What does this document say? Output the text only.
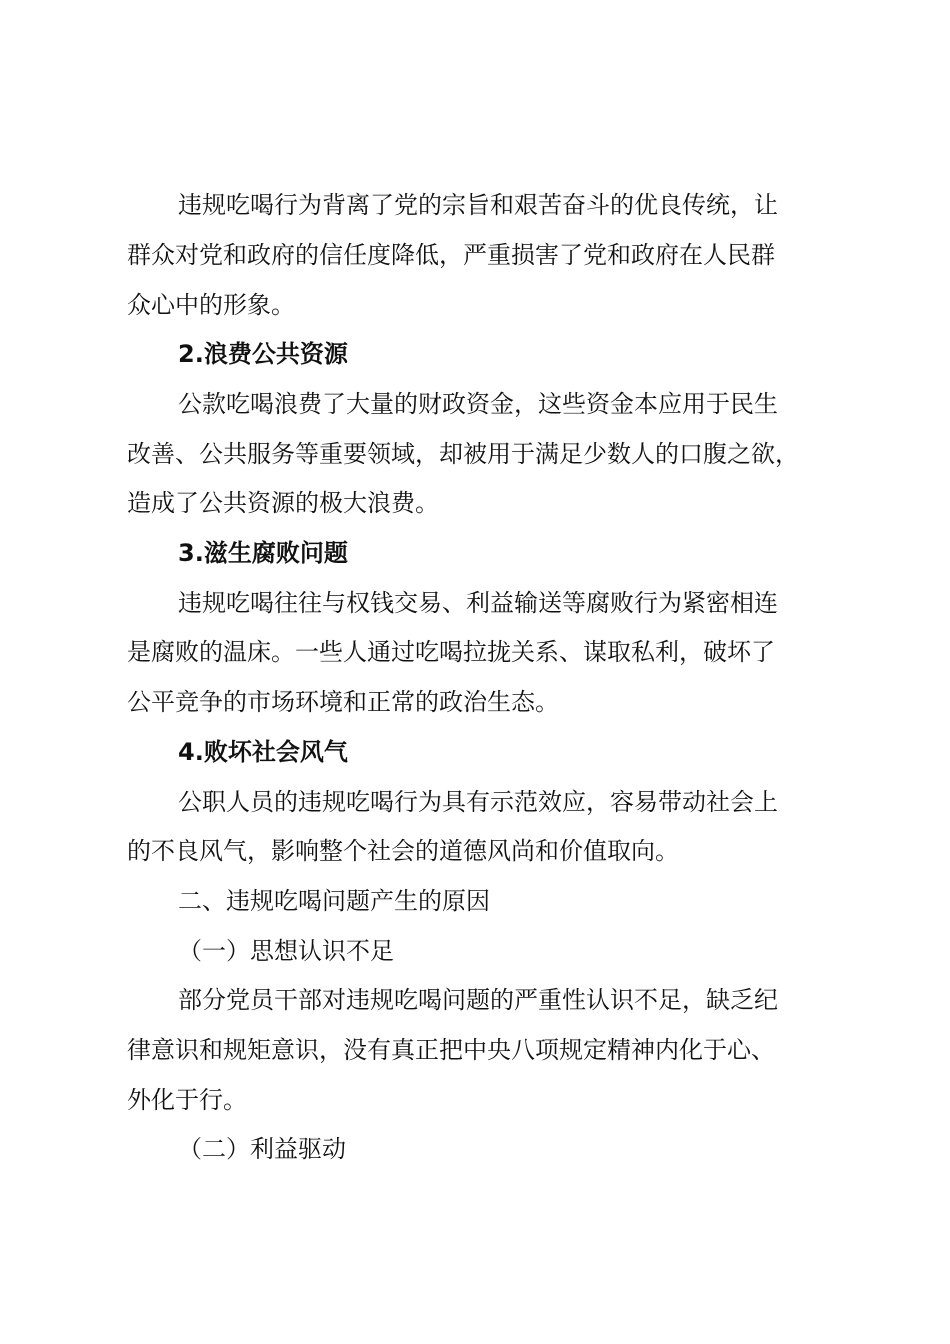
违规吃喝行为背离了党的宗旨和艰苦奋斗的优良传统，让
群众对党和政府的信任度降低，严重损害了党和政府在人民群
众心中的形象。
2.浪费公共资源
公款吃喝浪费了大量的财政资金，这些资金本应用于民生
改善、公共服务等重要领域，却被用于满足少数人的口腹之欲，
造成了公共资源的极大浪费。
3.滋生腐败问题
违规吃喝往往与权钱交易、利益输送等腐败行为紧密相连
是腐败的温床。一些人通过吃喝拉拢关系、谋取私利，破坏了
公平竞争的市场环境和正常的政治生态。
4.败坏社会风气
公职人员的违规吃喝行为具有示范效应，容易带动社会上
的不良风气，影响整个社会的道德风尚和价值取向。
二、违规吃喝问题产生的原因
（一）思想认识不足
部分党员干部对违规吃喝问题的严重性认识不足，缺乏纪
律意识和规矩意识，没有真正把中央八项规定精神内化于心、
外化于行。
（二）利益驱动
